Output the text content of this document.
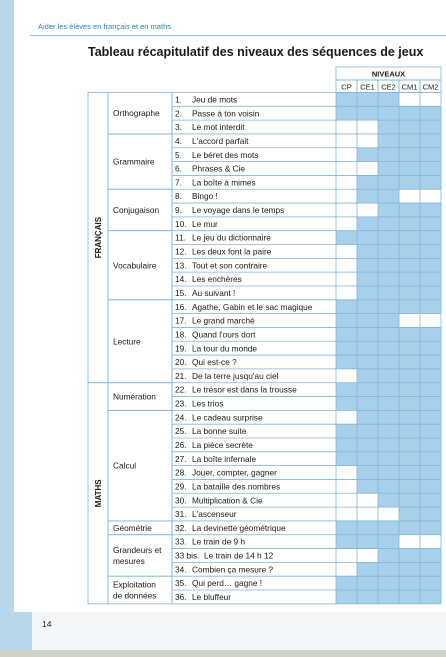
Aider les élèves en français et en maths
Tableau récapitulatif des niveaux des séquences de jeux
NIVEAUX
CP CE1 CE2 CM1 CM2
Orthographe
Grammaire
Conjugaison
Vocabulaire
Lecture
Numération
Calcul
Géométrie
Grandeurs et
mesures
Exploitation
de données
FRANÇAIS
MATHS
1. Jeu de mots
2. Passe à ton voisin
3. Le mot interdit
4. L'accord parfait
5. Le béret des mots
6. Phrases & Cie
7. La boîte à mimes
8. Bingo !
9. Le voyage dans le temps
10. Le mur
11. Le jeu du dictionnaire
12. Les deux font la paire
13. Tout et son contraire
14. Les enchères
15. Au suivant !
16. Agathe, Gabin et le sac magique
17. Le grand marché
18. Quand l'ours dort
19. La tour du monde
20. Qui est-ce ?
21. De la terre jusqu'au ciel
22. Le trésor est dans la trousse
23. Les trios
24. Le cadeau surprise
25. La bonne suite
26. La pièce secrète
27. La boîte infernale
28. Jouer, compter, gagner
29. La bataille des nombres
30. Multiplication & Cie
31. L'ascenseur
32. La devinette géométrique
33. Le train de 9 h
33 bis. Le train de 14 h 12
34. Combien ça mesure ?
35. Qui perd… gagne !
36. Le bluffeur
14
